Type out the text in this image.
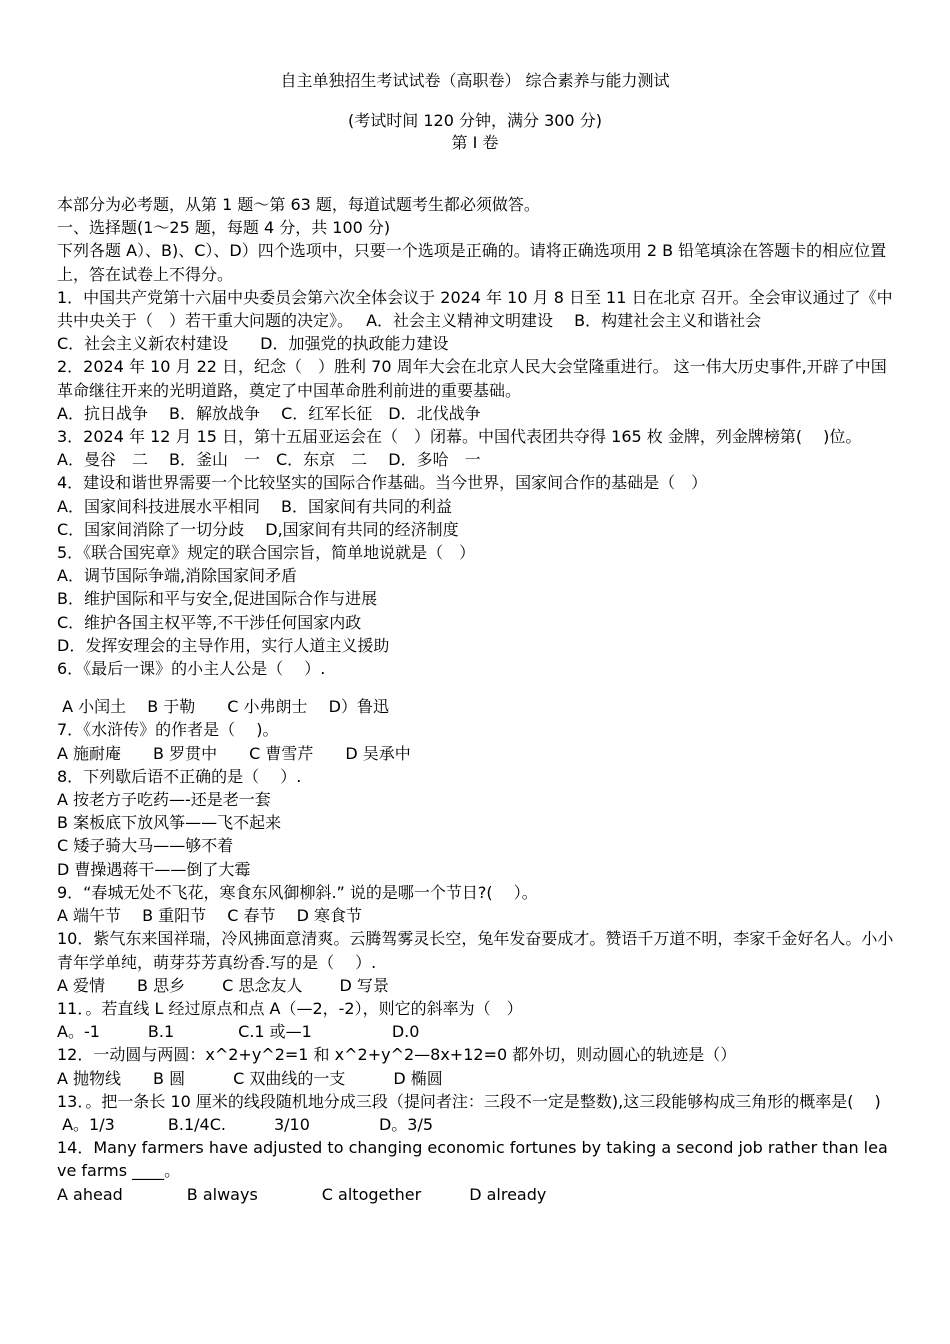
自主单独招生考试试卷（高职卷） 综合素养与能力测试
(考试时间 120 分钟，满分 300 分)
第 I 卷

本部分为必考题，从第 1 题～第 63 题，每道试题考生都必须做答。

一、选择题(1～25 题，每题 4 分，共 100 分)

下列各题 A）、B)、C）、D）四个选项中，只要一个选项是正确的。请将正确选项用 2 B 铅笔填涂在答题卡的相应位置上，答在试卷上不得分。

1．中国共产党第十六届中央委员会第六次全体会议于 2024 年 10 月 8 日至 11 日在北京 召开。全会审议通过了《中共中央关于（　）若干重大问题的决定》。　 A．社会主义精神文明建设　 B．构建社会主义和谐社会

C．社会主义新农村建设　　D．加强党的执政能力建设

2．2024 年 10 月 22 日，纪念（　）胜利 70 周年大会在北京人民大会堂隆重进行。 这一伟大历史事件,开辟了中国革命继往开来的光明道路，奠定了中国革命胜利前进的重要基础。

A．抗日战争　 B．解放战争　 C．红军长征　D．北伐战争

3．2024 年 12 月 15 日，第十五届亚运会在（　）闭幕。中国代表团共夺得 165 枚 金牌，列金牌榜第(　 )位。

A．曼谷　二　 B．釜山　一　C．东京　二　 D．多哈　一

4．建设和谐世界需要一个比较坚实的国际合作基础。当今世界，国家间合作的基础是（　）

A．国家间科技进展水平相同　 B．国家间有共同的利益

C．国家间消除了一切分歧　 D,国家间有共同的经济制度

5．《联合国宪章》规定的联合国宗旨，简单地说就是（　）

A．调节国际争端,消除国家间矛盾

B．维护国际和平与安全,促进国际合作与进展

C．维护各国主权平等,不干涉任何国家内政

D．发挥安理会的主导作用，实行人道主义援助

6．《最后一课》的小主人公是（　 ）.

A 小闰土　 B 于勒　　C 小弗朗士　 D）鲁迅

7．《水浒传》的作者是（　 )。

A 施耐庵　　B 罗贯中　　C 曹雪芹　　D 吴承中

8．下列歇后语不正确的是（　 ）.

A 按老方子吃药—-还是老一套

B 案板底下放风筝——飞不起来

C 矮子骑大马——够不着

D 曹操遇蒋干——倒了大霉

9．“春城无处不飞花，寒食东风御柳斜.” 说的是哪一个节日?(　 ）。

A 端午节　 B 重阳节　 C 春节　 D 寒食节

10．紫气东来国祥瑞，冷风拂面意清爽。云腾驾雾灵长空，兔年发奋要成才。赞语千万道不明，李家千金好名人。小小青年学单纯，萌芽芬芳真纷香.写的是（　 ）.

A 爱情　　B 思乡　　 C 思念友人　　 D 写景

11．。若直线 L 经过原点和点 A（—2，-2），则它的斜率为（　）

A。-1　　　B.1　　　　C.1 或—1　　　　　D.0

12．一动圆与两圆：x^2+y^2=1 和 x^2+y^2—8x+12=0 都外切，则动圆心的轨迹是（）

A 抛物线　　B 圆　　　C 双曲线的一支　　　D 椭圆

13．。把一条长 10 厘米的线段随机地分成三段（提问者注：三段不一定是整数),这三段能够构成三角形的概率是(　 )

A。1/3　　　 B.1/4C.　　　3/10　　　　 D。3/5

14．Many farmers have adjusted to changing economic fortunes by taking a second job rather than leave farms ____。

A ahead　　　　B always　　　　C altogether　　　D already
